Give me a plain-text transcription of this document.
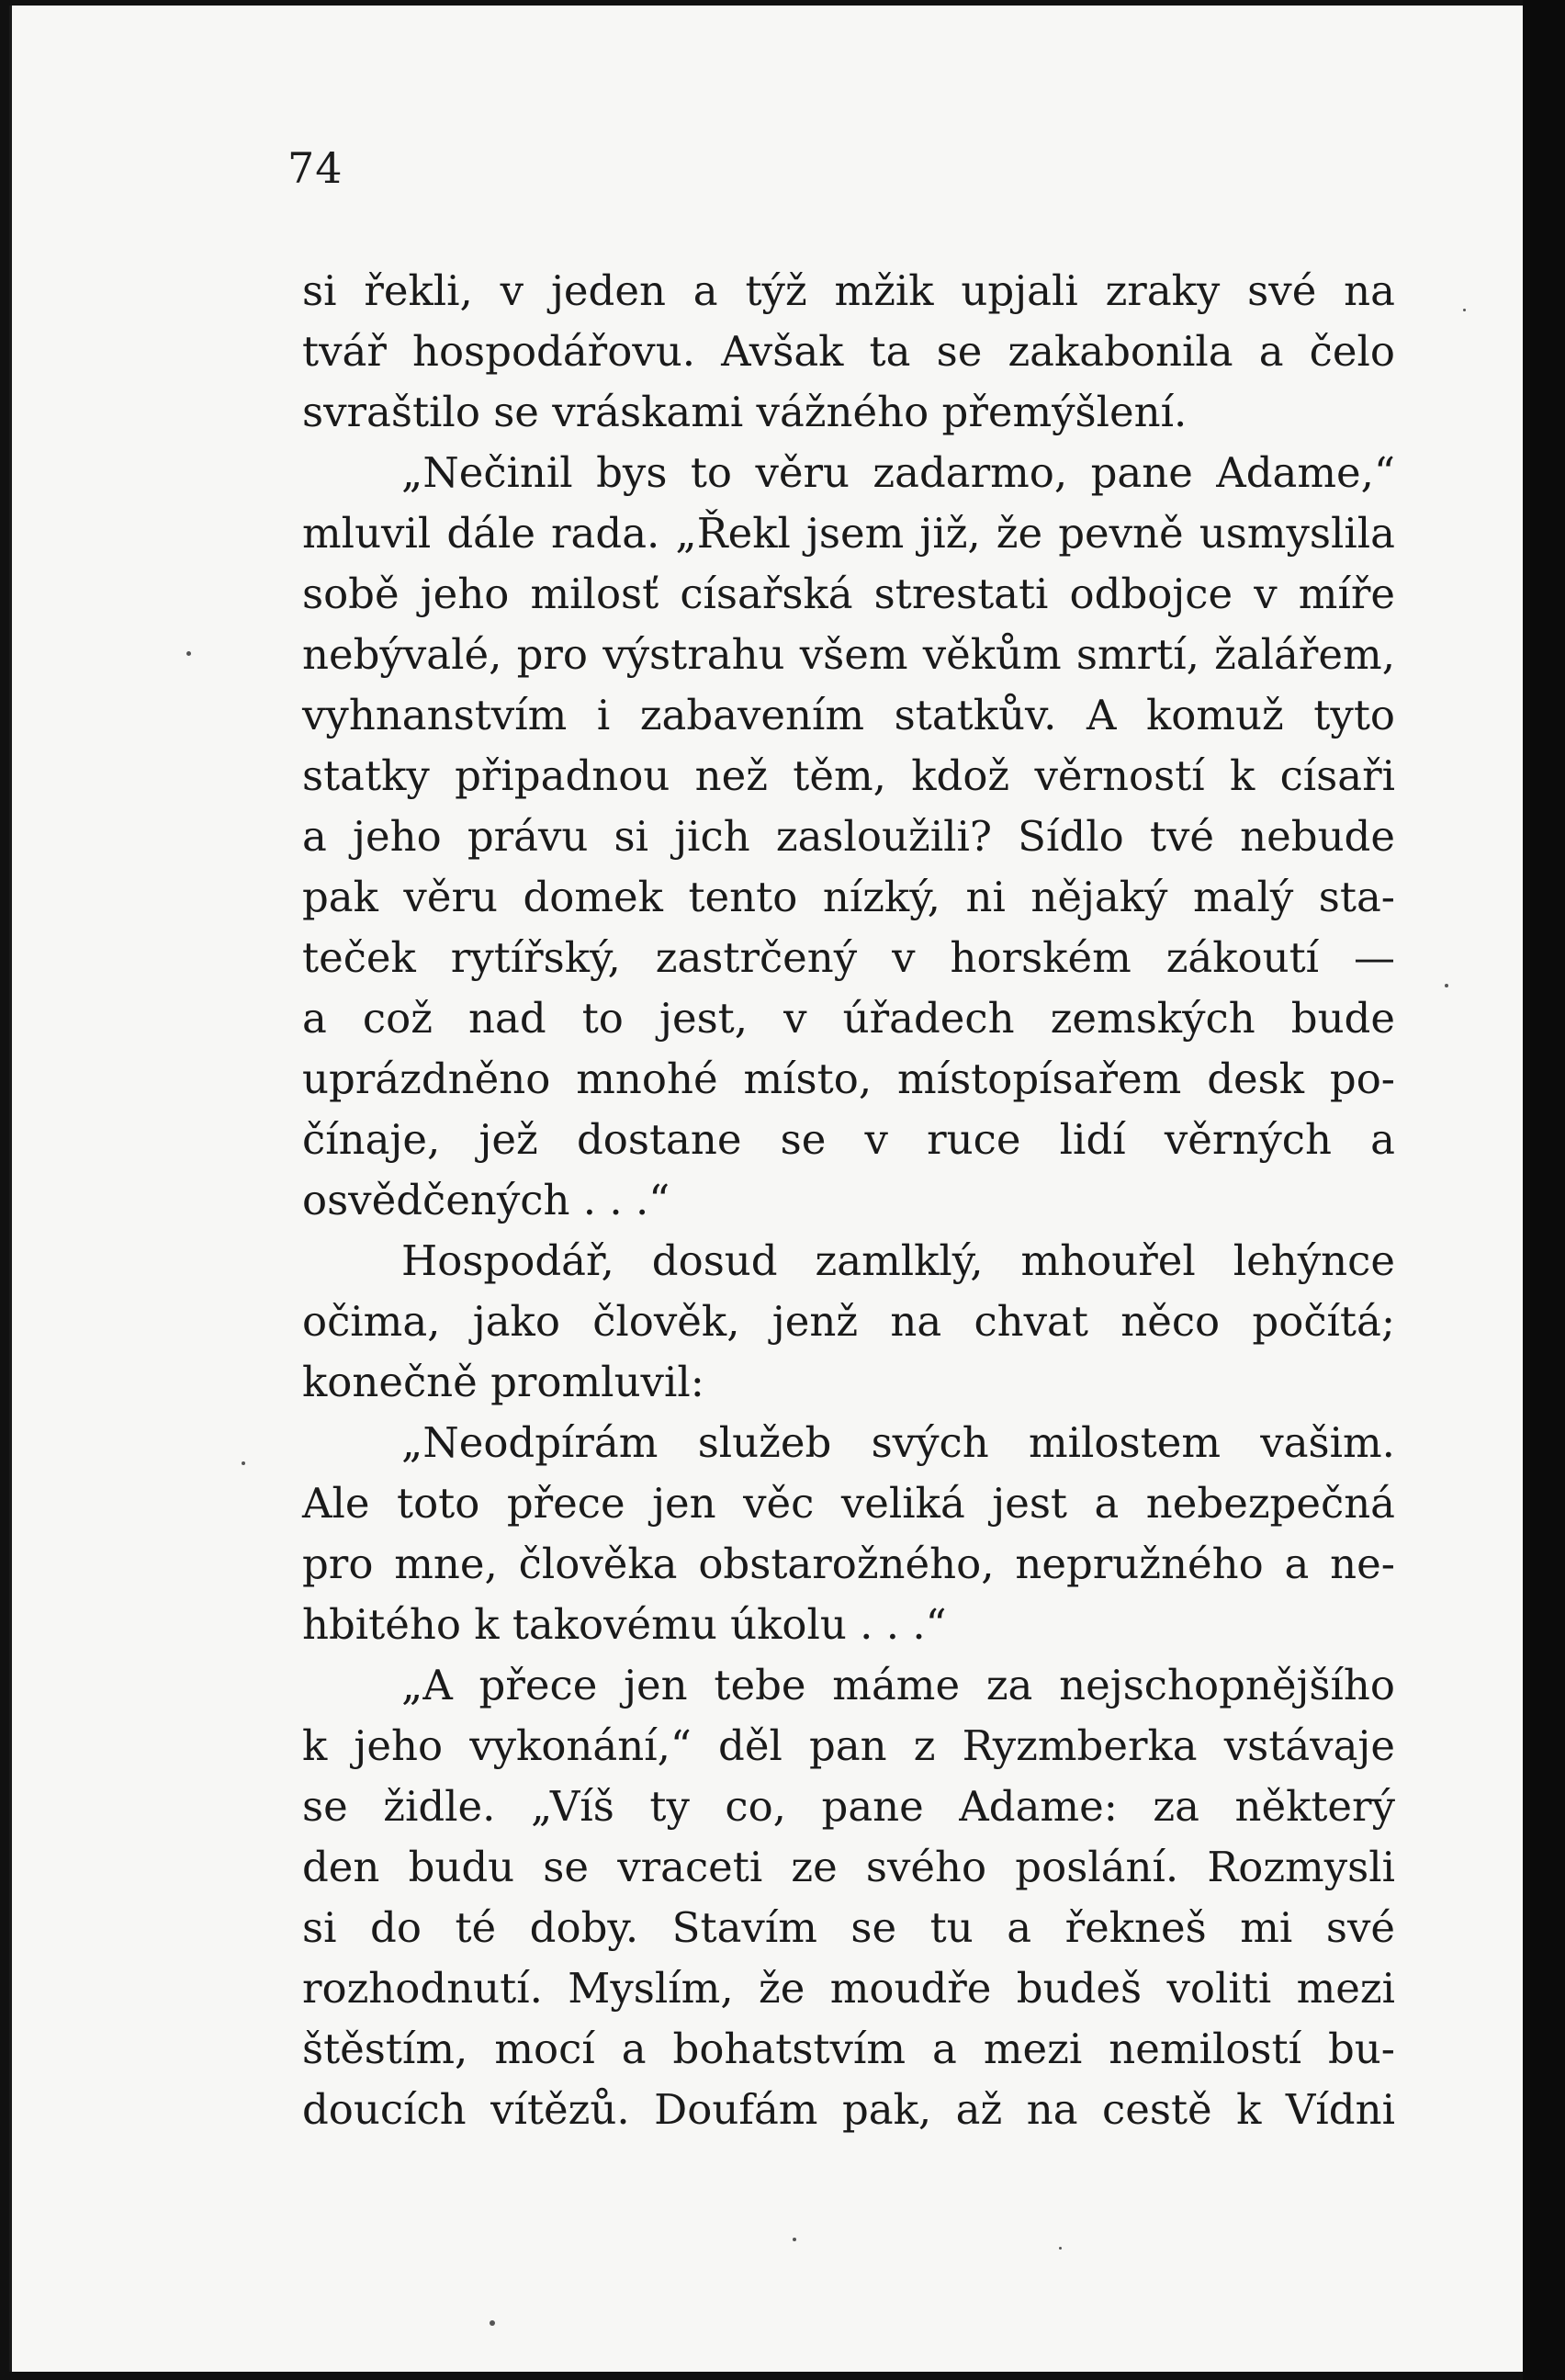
74
si řekli, v jeden a týž mžik upjali zraky své na
tvář hospodářovu. Avšak ta se zakabonila a čelo
svraštilo se vráskami vážného přemýšlení.
„Nečinil bys to věru zadarmo, pane Adame,“
mluvil dále rada. „Řekl jsem již, že pevně usmyslila
sobě jeho milosť císařská strestati odbojce v míře
nebývalé, pro výstrahu všem věkům smrtí, žalářem,
vyhnanstvím i zabavením statkův. A komuž tyto
statky připadnou než těm, kdož věrností k císaři
a jeho právu si jich zasloužili? Sídlo tvé nebude
pak věru domek tento nízký, ni nějaký malý sta-
teček rytířský, zastrčený v horském zákoutí —
a což nad to jest, v úřadech zemských bude
uprázdněno mnohé místo, místopísařem desk po-
čínaje, jež dostane se v ruce lidí věrných a
osvědčených . . .“
Hospodář, dosud zamlklý, mhouřel lehýnce
očima, jako člověk, jenž na chvat něco počítá;
konečně promluvil:
„Neodpírám služeb svých milostem vašim.
Ale toto přece jen věc veliká jest a nebezpečná
pro mne, člověka obstarožného, nepružného a ne-
hbitého k takovému úkolu . . .“
„A přece jen tebe máme za nejschopnějšího
k jeho vykonání,“ děl pan z Ryzmberka vstávaje
se židle. „Víš ty co, pane Adame: za některý
den budu se vraceti ze svého poslání. Rozmysli
si do té doby. Stavím se tu a řekneš mi své
rozhodnutí. Myslím, že moudře budeš voliti mezi
štěstím, mocí a bohatstvím a mezi nemilostí bu-
doucích vítězů. Doufám pak, až na cestě k Vídni
